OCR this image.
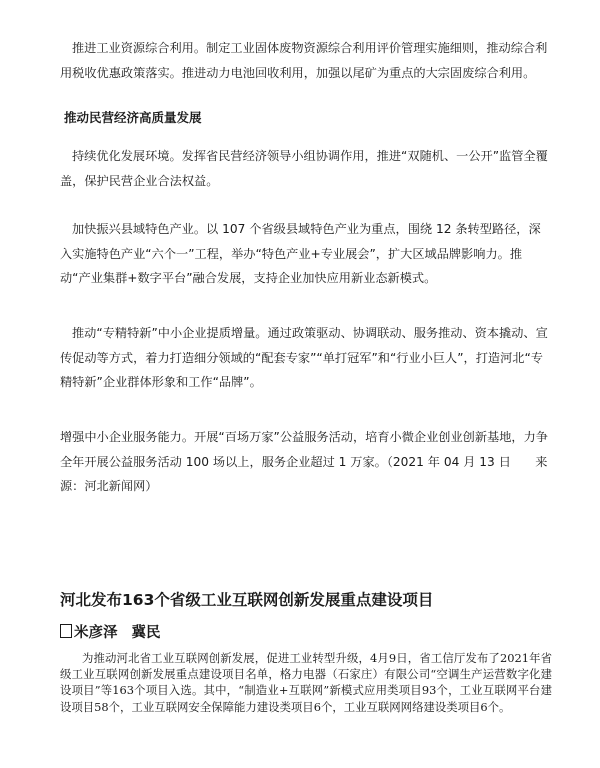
推进工业资源综合利用。制定工业固体废物资源综合利用评价管理实施细则，推动综合利用税收优惠政策落实。推进动力电池回收利用，加强以尾矿为重点的大宗固废综合利用。

推动民营经济高质量发展

持续优化发展环境。发挥省民营经济领导小组协调作用，推进“双随机、一公开”监管全覆盖，保护民营企业合法权益。

加快振兴县域特色产业。以 107 个省级县域特色产业为重点，围绕 12 条转型路径，深入实施特色产业“六个一”工程，举办“特色产业+专业展会”，扩大区域品牌影响力。推动“产业集群+数字平台”融合发展，支持企业加快应用新业态新模式。

推动“专精特新”中小企业提质增量。通过政策驱动、协调联动、服务推动、资本撬动、宣传促动等方式，着力打造细分领域的“配套专家”“单打冠军”和“行业小巨人”，打造河北“专精特新”企业群体形象和工作“品牌”。

增强中小企业服务能力。开展“百场万家”公益服务活动，培育小微企业创业创新基地，力争全年开展公益服务活动 100 场以上，服务企业超过 1 万家。（2021 年 04 月 13 日　　来源：河北新闻网）

河北发布163个省级工业互联网创新发展重点建设项目

米彦泽 冀民

为推动河北省工业互联网创新发展，促进工业转型升级，4月9日，省工信厅发布了2021年省级工业互联网创新发展重点建设项目名单，格力电器（石家庄）有限公司“空调生产运营数字化建设项目”等163个项目入选。其中，“制造业+互联网”新模式应用类项目93个，工业互联网平台建设项目58个，工业互联网安全保障能力建设类项目6个，工业互联网网络建设类项目6个。
